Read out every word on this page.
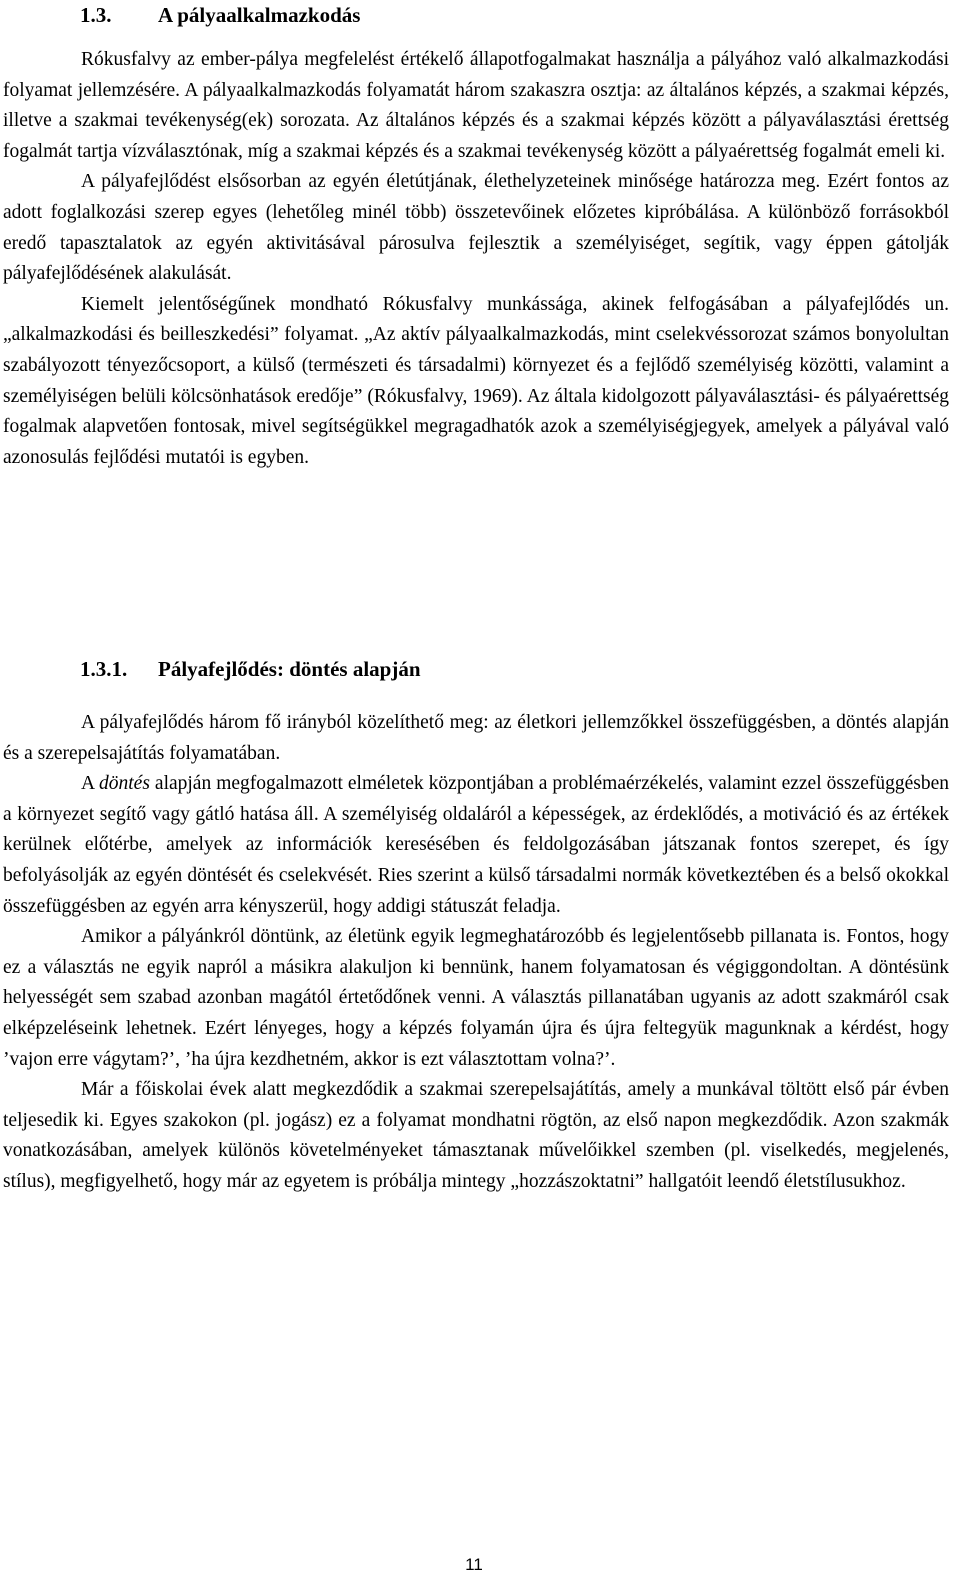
1.3. A pályaalkalmazkodás

Rókusfalvy az ember-pálya megfelelést értékelő állapotfogalmakat használja a pályához való alkalmazkodási folyamat jellemzésére. A pályaalkalmazkodás folyamatát három szakaszra osztja: az általános képzés, a szakmai képzés, illetve a szakmai tevékenység(ek) sorozata. Az általános képzés és a szakmai képzés között a pályaválasztási érettség fogalmát tartja vízválasztónak, míg a szakmai képzés és a szakmai tevékenység között a pályaérettség fogalmát emeli ki.

A pályafejlődést elsősorban az egyén életútjának, élethelyzeteinek minősége határozza meg. Ezért fontos az adott foglalkozási szerep egyes (lehetőleg minél több) összetevőinek előzetes kipróbálása. A különböző forrásokból eredő tapasztalatok az egyén aktivitásával párosulva fejlesztik a személyiséget, segítik, vagy éppen gátolják pályafejlődésének alakulását.

Kiemelt jelentőségűnek mondható Rókusfalvy munkássága, akinek felfogásában a pályafejlődés un. „alkalmazkodási és beilleszkedési” folyamat. „Az aktív pályaalkalmazkodás, mint cselekvéssorozat számos bonyolultan szabályozott tényezőcsoport, a külső (természeti és társadalmi) környezet és a fejlődő személyiség közötti, valamint a személyiségen belüli kölcsönhatások eredője” (Rókusfalvy, 1969). Az általa kidolgozott pályaválasztási- és pályaérettség fogalmak alapvetően fontosak, mivel segítségükkel megragadhatók azok a személyiségjegyek, amelyek a pályával való azonosulás fejlődési mutatói is egyben.

1.3.1. Pályafejlődés: döntés alapján

A pályafejlődés három fő irányból közelíthető meg: az életkori jellemzőkkel összefüggésben, a döntés alapján és a szerepelsajátítás folyamatában.

A döntés alapján megfogalmazott elméletek központjában a problémaérzékelés, valamint ezzel összefüggésben a környezet segítő vagy gátló hatása áll. A személyiség oldaláról a képességek, az érdeklődés, a motiváció és az értékek kerülnek előtérbe, amelyek az információk keresésében és feldolgozásában játszanak fontos szerepet, és így befolyásolják az egyén döntését és cselekvését. Ries szerint a külső társadalmi normák következtében és a belső okokkal összefüggésben az egyén arra kényszerül, hogy addigi státuszát feladja.

Amikor a pályánkról döntünk, az életünk egyik legmeghatározóbb és legjelentősebb pillanata is. Fontos, hogy ez a választás ne egyik napról a másikra alakuljon ki bennünk, hanem folyamatosan és végiggondoltan. A döntésünk helyességét sem szabad azonban magától értetődőnek venni. A választás pillanatában ugyanis az adott szakmáról csak elképzeléseink lehetnek. Ezért lényeges, hogy a képzés folyamán újra és újra feltegyük magunknak a kérdést, hogy ’vajon erre vágytam?’, ’ha újra kezdhetném, akkor is ezt választottam volna?’.

Már a főiskolai évek alatt megkezdődik a szakmai szerepelsajátítás, amely a munkával töltött első pár évben teljesedik ki. Egyes szakokon (pl. jogász) ez a folyamat mondhatni rögtön, az első napon megkezdődik. Azon szakmák vonatkozásában, amelyek különös követelményeket támasztanak művelőikkel szemben (pl. viselkedés, megjelenés, stílus), megfigyelhető, hogy már az egyetem is próbálja mintegy „hozzászoktatni” hallgatóit leendő életstílusukhoz.

11
